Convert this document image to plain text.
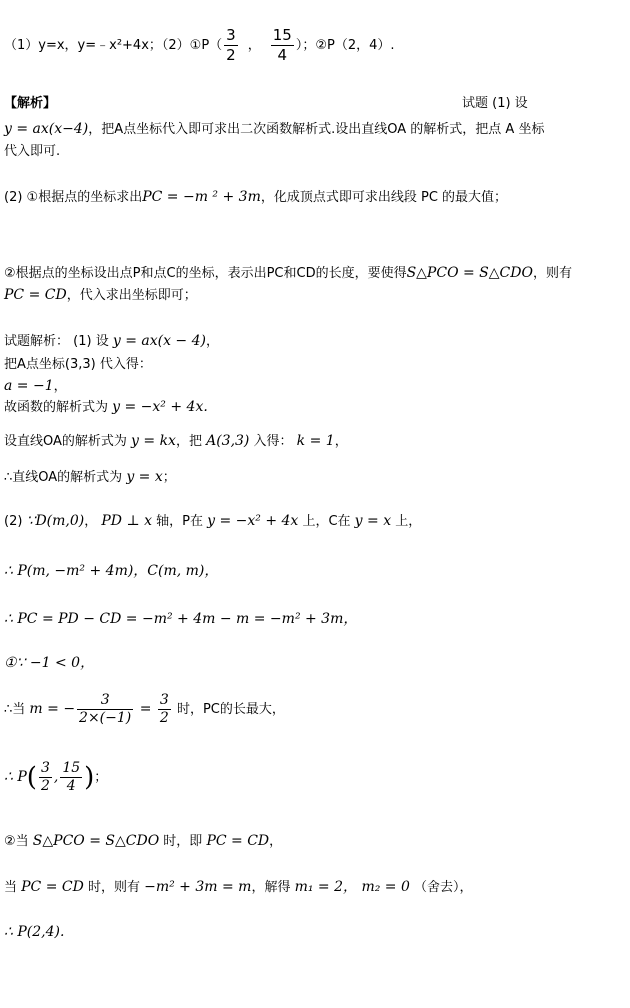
（1）y=x，y=﹣x²+4x；（2）①P（ $\frac{3}{2}$ ， $\frac{15}{4}$ ）；②P（2，4）.
【解析】	试题 (1) 设
y = ax(x−4)，把A点坐标代入即可求出二次函数解析式.设出直线OA 的解析式，把点 A 坐标
代入即可.
(2) ①根据点的坐标求出PC = −m ² + 3m，化成顶点式即可求出线段 PC 的最大值；
②根据点的坐标设出点P和点C的坐标，表示出PC和CD的长度，要使得S△PCO = S△CDO，则有
PC = CD，代入求出坐标即可；
试题解析： (1) 设 y = ax(x − 4)，
把A点坐标(3,3) 代入得：
a = −1，
故函数的解析式为 y = −x² + 4x.
设直线OA的解析式为 y = kx，把 A(3,3) 入得： k = 1，
∴直线OA的解析式为 y = x；
(2) ∵D(m,0)， PD ⊥ x 轴，P在 y = −x² + 4x 上，C在 y = x 上，
∴ P(m, −m² + 4m)，C(m, m)，
∴ PC = PD − CD = −m² + 4m − m = −m² + 3m，
①∵ −1 < 0，
∴当 m = − $\frac{3}{2\times(-1)} = \frac{3}{2}$ 时，PC的长最大，
∴ $P( \frac{3}{2}$ , $\frac{15}{4}$ )；
②当 S△PCO = S△CDO 时，即 PC = CD，
当 PC = CD 时，则有 −m² + 3m = m，解得 m₁ = 2， m₂ = 0 （舍去），
∴ P(2,4).
